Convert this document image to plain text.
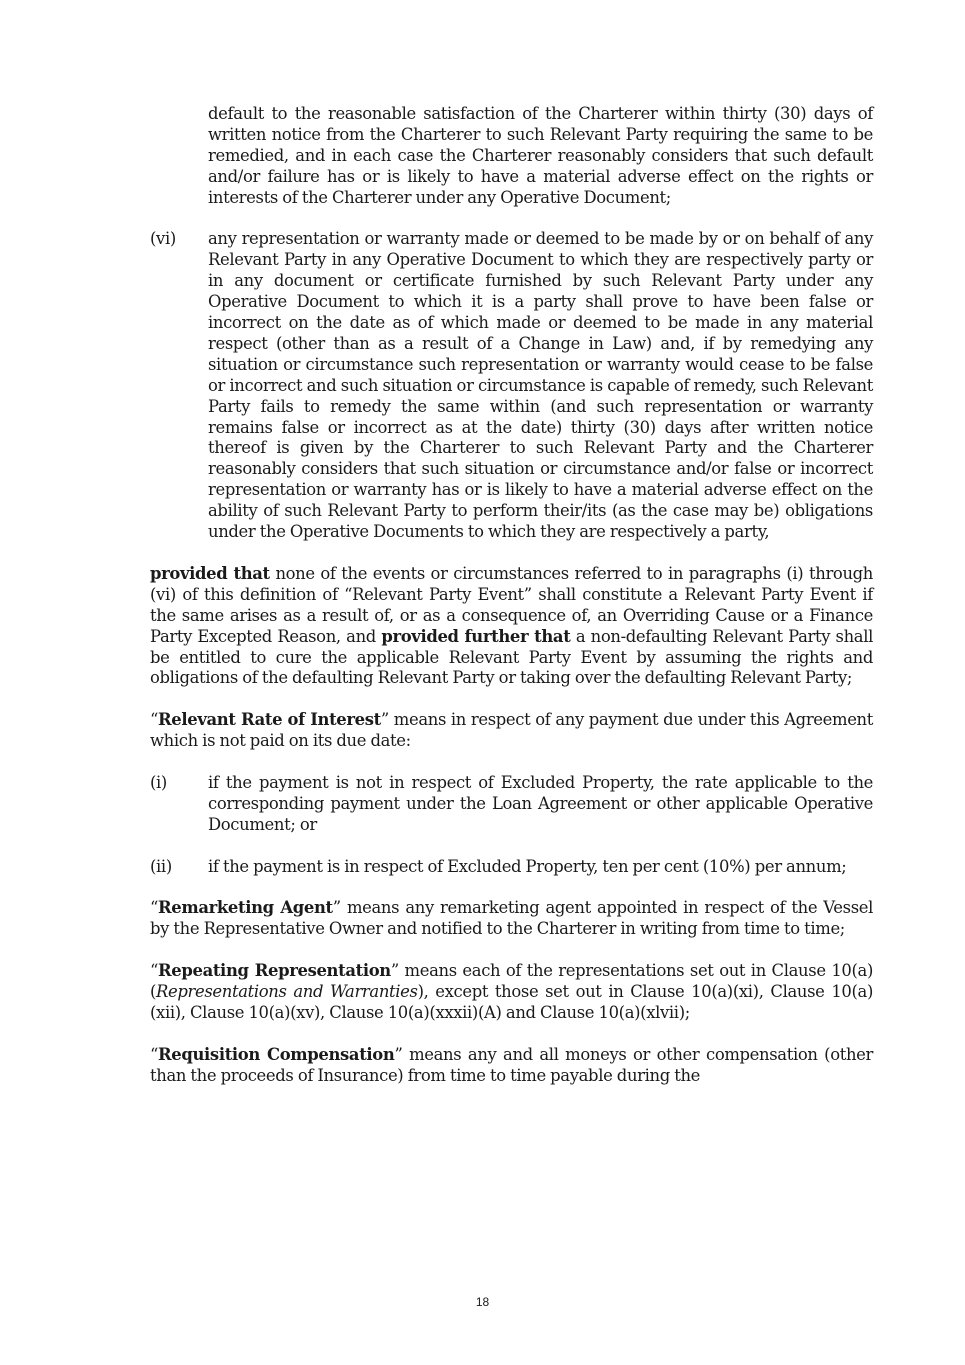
default to the reasonable satisfaction of the Charterer within thirty (30) days of written notice from the Charterer to such Relevant Party requiring the same to be remedied, and in each case the Charterer reasonably considers that such default and/or failure has or is likely to have a material adverse effect on the rights or interests of the Charterer under any Operative Document;

(vi)	any representation or warranty made or deemed to be made by or on behalf of any Relevant Party in any Operative Document to which they are respectively party or in any document or certificate furnished by such Relevant Party under any Operative Document to which it is a party shall prove to have been false or incorrect on the date as of which made or deemed to be made in any material respect (other than as a result of a Change in Law) and, if by remedying any situation or circumstance such representation or warranty would cease to be false or incorrect and such situation or circumstance is capable of remedy, such Relevant Party fails to remedy the same within (and such representation or warranty remains false or incorrect as at the date) thirty (30) days after written notice thereof is given by the Charterer to such Relevant Party and the Charterer reasonably considers that such situation or circumstance and/or false or incorrect representation or warranty has or is likely to have a material adverse effect on the ability of such Relevant Party to perform their/its (as the case may be) obligations under the Operative Documents to which they are respectively a party,

provided that none of the events or circumstances referred to in paragraphs (i) through (vi) of this definition of “Relevant Party Event” shall constitute a Relevant Party Event if the same arises as a result of, or as a consequence of, an Overriding Cause or a Finance Party Excepted Reason, and provided further that a non-defaulting Relevant Party shall be entitled to cure the applicable Relevant Party Event by assuming the rights and obligations of the defaulting Relevant Party or taking over the defaulting Relevant Party;

“Relevant Rate of Interest” means in respect of any payment due under this Agreement which is not paid on its due date:

(i)	if the payment is not in respect of Excluded Property, the rate applicable to the corresponding payment under the Loan Agreement or other applicable Operative Document; or

(ii)	if the payment is in respect of Excluded Property, ten per cent (10%) per annum;

“Remarketing Agent” means any remarketing agent appointed in respect of the Vessel by the Representative Owner and notified to the Charterer in writing from time to time;

“Repeating Representation” means each of the representations set out in Clause 10(a) (Representations and Warranties), except those set out in Clause 10(a)(xi), Clause 10(a)(xii), Clause 10(a)(xv), Clause 10(a)(xxxii)(A) and Clause 10(a)(xlvii);

“Requisition Compensation” means any and all moneys or other compensation (other than the proceeds of Insurance) from time to time payable during the

18
